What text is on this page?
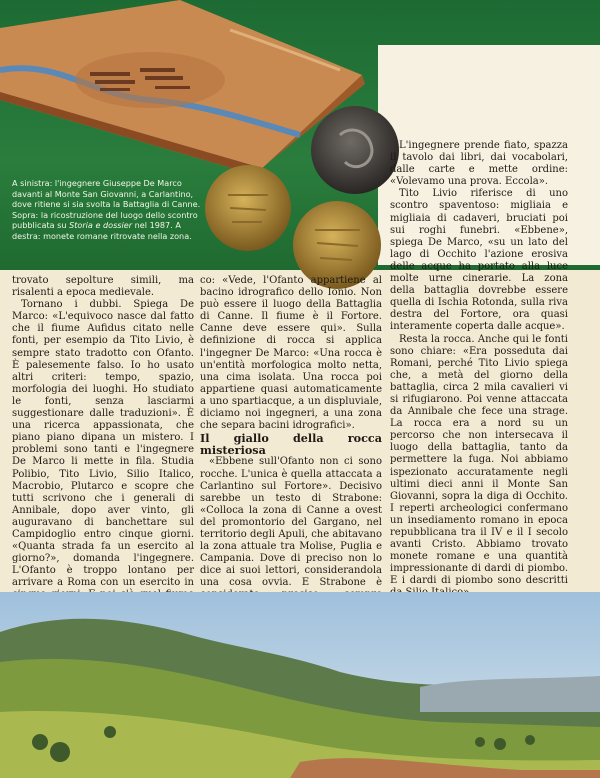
A sinistra: l'ingegnere Giuseppe De Marco davanti al Monte San Giovanni, a Carlantino, dove ritiene si sia svolta la Battaglia di Canne. Sopra: la ricostruzione del luogo dello scontro pubblicata su Storia e dossier nel 1987. A destra: monete romane ritrovate nella zona.

trovato sepolture simili, ma risalenti a epoca medievale.

Tornano i dubbi. Spiega De Marco: «L'equivoco nasce dal fatto che il fiume Aufidus citato nelle fonti, per esempio da Tito Livio, è sempre stato tradotto con Ofanto. È palesemente falso. Io ho usato altri criteri: tempo, spazio, morfologia dei luoghi. Ho studiato le fonti, senza lasciarmi suggestionare dalle traduzioni». È una ricerca appassionata, che piano piano dipana un mistero. I problemi sono tanti e l'ingegnere De Marco li mette in fila. Studia Polibio, Tito Livio, Silio Italico, Macrobio, Plutarco e scopre che tutti scrivono che i generali di Annibale, dopo aver vinto, gli auguravano di banchettare sul Campidoglio entro cinque giorni. «Quanta strada fa un esercito al giorno?», domanda l'ingegnere. L'Ofanto è troppo lontano per arrivare a Roma con un esercito in

co: «Vede, l'Ofanto appartiene al bacino idrografico dello Ionio. Non può essere il luogo della Battaglia di Canne. Il fiume è il Fortore. Canne deve essere qui». Sulla definizione di rocca si applica l'ingegner De Marco: «Una rocca è un'entità morfologica molto netta, una cima isolata. Una rocca poi appartiene quasi automaticamente a uno spartiacque, a un displuviale, diciamo noi ingegneri, a una zona che separa bacini idrografici».

Il giallo della rocca misteriosa

«Ebbene sull'Ofanto non ci sono rocche. L'unica è quella attaccata a Carlantino sul Fortore». Decisivo sarebbe un testo di Strabone: «Colloca la zona di Canne a ovest del promontorio del Gargano, nel territorio degli Apuli, che abitavano la zona attuale tra Molise, Puglia e Campania. Dove di preciso non lo dice ai suoi lettori, considerandola una cosa ovvia. E Strabone è

L'ingegnere prende fiato, spazza il tavolo dai libri, dai vocabolari, dalle carte e mette ordine: «Volevamo una prova. Eccola».

Tito Livio riferisce di uno scontro spaventoso: migliaia e migliaia di cadaveri, bruciati poi sui roghi funebri. «Ebbene», spiega De Marco, «su un lato del lago di Occhito l'azione erosiva delle acque ha portato alla luce molte urne cinerarie. La zona della battaglia dovrebbe essere quella di Ischia Rotonda, sulla riva destra del Fortore, ora quasi interamente coperta dalle acque».

Resta la rocca. Anche qui le fonti sono chiare: «Era posseduta dai Romani, perché Tito Livio spiega che, a metà del giorno della battaglia, circa 2 mila cavalieri vi si rifugiarono. Poi venne attaccata da Annibale che fece una strage. La rocca era a nord su un percorso che non intersecava il luogo della battaglia, tanto da permettere la fuga. Noi abbiamo ispezionato accuratamente negli ultimi dieci anni il Monte San Giovanni, sopra la diga di Occhito. I reperti archeologici confermano un insediamento romano in epoca repubblicana tra il IV e il I secolo avanti Cristo. Abbiamo trovato monete romane e una quantità impressionante di dardi di piombo. E i dardi di piombo sono descritti
